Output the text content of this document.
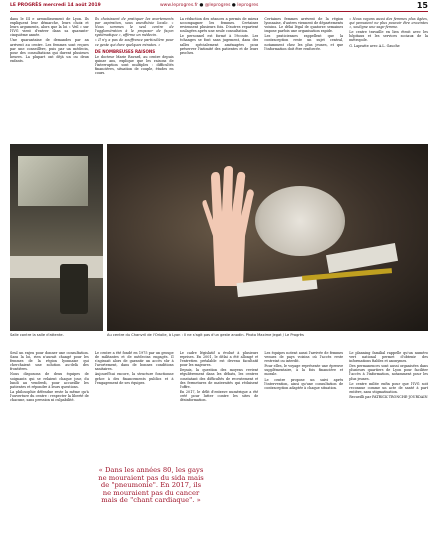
LE PROGRÈS mercredi 14 août 2019	www.leprogres.fr ● @leprogres ● leprogres	15

dans le III e arrondissement de Lyon. Ils expliquent leur démarche, leurs choix et leurs arguments, alors que la loi « Veil » sur l'IVG vient d'entrer dans sa quarante-cinquième année.

Une quarantaine de demandes par an arrivent au centre. Les femmes sont reçues par une conseillère, puis par un médecin, pour des consultations qui durent plusieurs heures. La plupart ont déjà un ou deux enfants.

Ils choisissent de pratiquer les avortements par aspiration, sous anesthésie locale. « Nous sommes le seul centre de l'agglomération à le proposer de façon systématique », affirme un médecin.

« Il n'y a pas de souffrance particulière pour ce geste qui dure quelques minutes. »

DE NOMBREUSES RAISONS

Le docteur Marie Ravard, au centre depuis quinze ans, explique que les raisons de l'interruption sont multiples : difficultés financières, situation de couple, études en cours.

La réduction des séances a permis de mieux accompagner les femmes. Certaines reviennent plusieurs fois. D'autres repartent soulagées après une seule consultation.

Le personnel est formé à l'écoute. Les échanges se font sans jugement, dans des salles spécialement aménagées pour préserver l'intimité des patientes et de leurs proches.

Certaines femmes arrivent de la région lyonnaise, d'autres viennent de départements voisins. Le délai légal de quatorze semaines impose parfois une organisation rapide.

Les praticiennes rappellent que la contraception reste un sujet central, notamment chez les plus jeunes, et que l'information doit être renforcée.

« Nous voyons aussi des femmes plus âgées, qui pensaient ne plus pouvoir être enceintes », souligne une sage-femme.

Le centre travaille en lien étroit avec les hôpitaux et les services sociaux de la métropole.

G. Lapratte avec A.L. Gauche

Salle contre la salle d'attente.	Au centre du Chanvril de l'Oriolie, à Lyon : Il ne s'agit pas d'un geste anodin. Photo Maxime Jegat / Le Progrès

Seul un enjeu pour donner une consultation. Sans la loi, rien n'aurait changé pour les femmes de la région lyonnaise qui cherchaient une solution au-delà des frontières.

Nous disposons de deux équipes de soignants qui se relaient chaque jour, du lundi au vendredi, pour accueillir les patientes et répondre à leurs questions.

La philosophie défendue reste la même qu'à l'ouverture du centre : respecter la liberté de chacune, sans pression ni culpabilité.

Le centre a été fondé en 1975 par un groupe de militantes et de médecins engagés. Il s'agissait alors de garantir un accès sûr à l'avortement, dans de bonnes conditions sanitaires.

Aujourd'hui encore, la structure fonctionne grâce à des financements publics et à l'engagement de ses équipes.

Le cadre législatif a évolué à plusieurs reprises. En 2001, le délai a été allongé et l'entretien préalable est devenu facultatif pour les majeures.

Depuis, la question des moyens revient régulièrement dans les débats, les centres constatant des difficultés de recrutement et des fermetures de maternités qui réduisent l'offre.

En 2017, le délit d'entrave numérique a été créé pour lutter contre les sites de désinformation.

Les équipes notent aussi l'arrivée de femmes venues de pays voisins où l'accès reste restreint ou interdit.

Pour elles, le voyage représente une épreuve supplémentaire, à la fois financière et morale.

Le centre propose un suivi après l'intervention, ainsi qu'une consultation de contraception adaptée à chaque situation.

Le planning familial rappelle qu'un numéro vert national permet d'obtenir des informations fiables et anonymes.

Des permanences sont aussi organisées dans plusieurs quartiers de Lyon pour faciliter l'accès à l'information, notamment pour les plus jeunes.

Le centre milite enfin pour que l'IVG soit reconnue comme un acte de santé à part entière, sans stigmatisation.

Recueilli par PATRICK TRONCHE-JOURDAIN

« Dans les années 80, les gays ne mouraient pas du sida mais de "pneumonie". En 2017, ils ne mouraient pas du cancer mais de "chant cardiaque". »
